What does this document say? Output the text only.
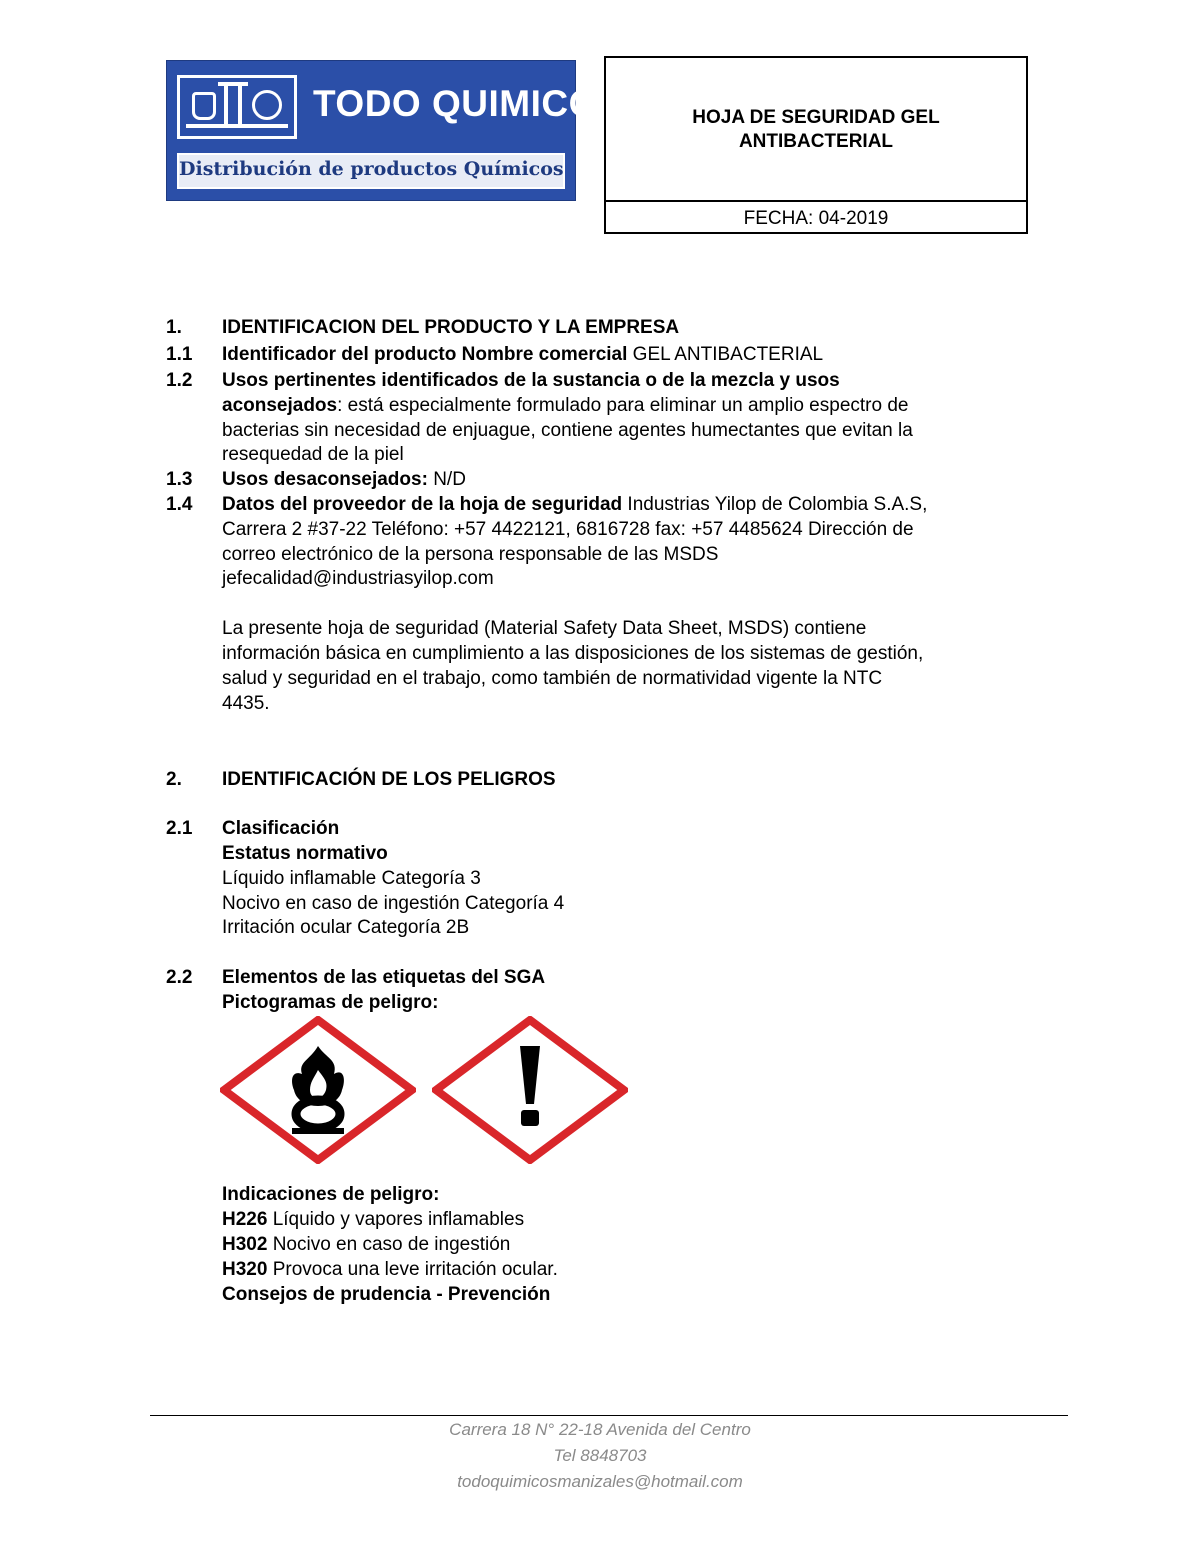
TODO QUIMICOS
Distribución de productos Químicos
HOJA DE SEGURIDAD GEL
ANTIBACTERIAL
FECHA: 04-2019
1. IDENTIFICACION DEL PRODUCTO Y LA EMPRESA
1.1 Identificador del producto Nombre comercial GEL ANTIBACTERIAL
1.2 Usos pertinentes identificados de la sustancia o de la mezcla y usos
aconsejados: está especialmente formulado para eliminar un amplio espectro de
bacterias sin necesidad de enjuague, contiene agentes humectantes que evitan la
resequedad de la piel
1.3 Usos desaconsejados: N/D
1.4 Datos del proveedor de la hoja de seguridad Industrias Yilop de Colombia S.A.S,
Carrera 2 #37-22 Teléfono: +57 4422121, 6816728 fax: +57 4485624 Dirección de
correo electrónico de la persona responsable de las MSDS
jefecalidad@industriasyilop.com
La presente hoja de seguridad (Material Safety Data Sheet, MSDS) contiene
información básica en cumplimiento a las disposiciones de los sistemas de gestión,
salud y seguridad en el trabajo, como también de normatividad vigente la NTC
4435.
2. IDENTIFICACIÓN DE LOS PELIGROS
2.1 Clasificación
Estatus normativo
Líquido inflamable Categoría 3
Nocivo en caso de ingestión Categoría 4
Irritación ocular Categoría 2B
2.2 Elementos de las etiquetas del SGA
Pictogramas de peligro:
Indicaciones de peligro:
H226 Líquido y vapores inflamables
H302 Nocivo en caso de ingestión
H320 Provoca una leve irritación ocular.
Consejos de prudencia - Prevención
Carrera 18 N° 22-18 Avenida del Centro
Tel 8848703
todoquimicosmanizales@hotmail.com
